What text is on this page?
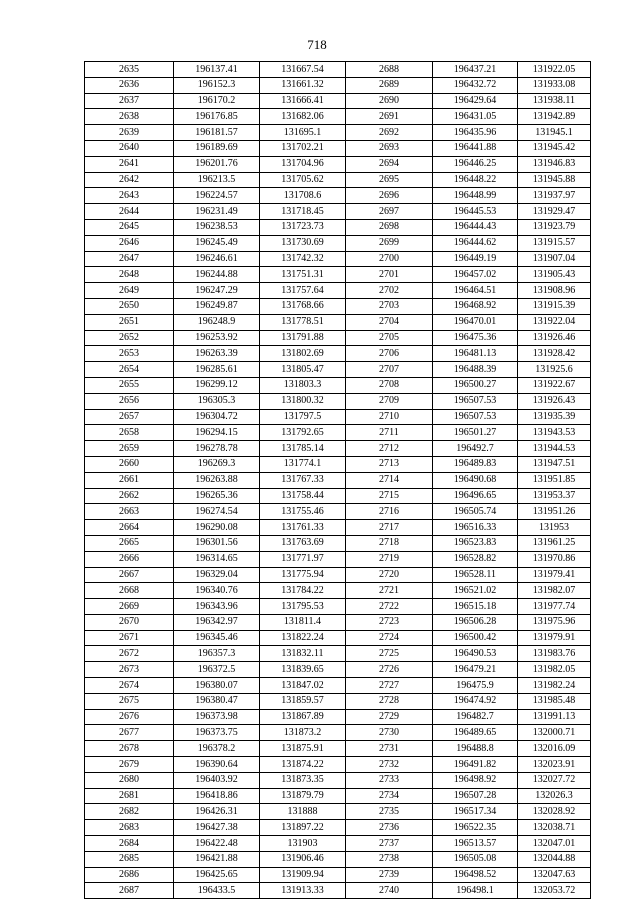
718
2635	196137.41	131667.54	2688	196437.21	131922.05
2636	196152.3	131661.32	2689	196432.72	131933.08
2637	196170.2	131666.41	2690	196429.64	131938.11
2638	196176.85	131682.06	2691	196431.05	131942.89
2639	196181.57	131695.1	2692	196435.96	131945.1
2640	196189.69	131702.21	2693	196441.88	131945.42
2641	196201.76	131704.96	2694	196446.25	131946.83
2642	196213.5	131705.62	2695	196448.22	131945.88
2643	196224.57	131708.6	2696	196448.99	131937.97
2644	196231.49	131718.45	2697	196445.53	131929.47
2645	196238.53	131723.73	2698	196444.43	131923.79
2646	196245.49	131730.69	2699	196444.62	131915.57
2647	196246.61	131742.32	2700	196449.19	131907.04
2648	196244.88	131751.31	2701	196457.02	131905.43
2649	196247.29	131757.64	2702	196464.51	131908.96
2650	196249.87	131768.66	2703	196468.92	131915.39
2651	196248.9	131778.51	2704	196470.01	131922.04
2652	196253.92	131791.88	2705	196475.36	131926.46
2653	196263.39	131802.69	2706	196481.13	131928.42
2654	196285.61	131805.47	2707	196488.39	131925.6
2655	196299.12	131803.3	2708	196500.27	131922.67
2656	196305.3	131800.32	2709	196507.53	131926.43
2657	196304.72	131797.5	2710	196507.53	131935.39
2658	196294.15	131792.65	2711	196501.27	131943.53
2659	196278.78	131785.14	2712	196492.7	131944.53
2660	196269.3	131774.1	2713	196489.83	131947.51
2661	196263.88	131767.33	2714	196490.68	131951.85
2662	196265.36	131758.44	2715	196496.65	131953.37
2663	196274.54	131755.46	2716	196505.74	131951.26
2664	196290.08	131761.33	2717	196516.33	131953
2665	196301.56	131763.69	2718	196523.83	131961.25
2666	196314.65	131771.97	2719	196528.82	131970.86
2667	196329.04	131775.94	2720	196528.11	131979.41
2668	196340.76	131784.22	2721	196521.02	131982.07
2669	196343.96	131795.53	2722	196515.18	131977.74
2670	196342.97	131811.4	2723	196506.28	131975.96
2671	196345.46	131822.24	2724	196500.42	131979.91
2672	196357.3	131832.11	2725	196490.53	131983.76
2673	196372.5	131839.65	2726	196479.21	131982.05
2674	196380.07	131847.02	2727	196475.9	131982.24
2675	196380.47	131859.57	2728	196474.92	131985.48
2676	196373.98	131867.89	2729	196482.7	131991.13
2677	196373.75	131873.2	2730	196489.65	132000.71
2678	196378.2	131875.91	2731	196488.8	132016.09
2679	196390.64	131874.22	2732	196491.82	132023.91
2680	196403.92	131873.35	2733	196498.92	132027.72
2681	196418.86	131879.79	2734	196507.28	132026.3
2682	196426.31	131888	2735	196517.34	132028.92
2683	196427.38	131897.22	2736	196522.35	132038.71
2684	196422.48	131903	2737	196513.57	132047.01
2685	196421.88	131906.46	2738	196505.08	132044.88
2686	196425.65	131909.94	2739	196498.52	132047.63
2687	196433.5	131913.33	2740	196498.1	132053.72
